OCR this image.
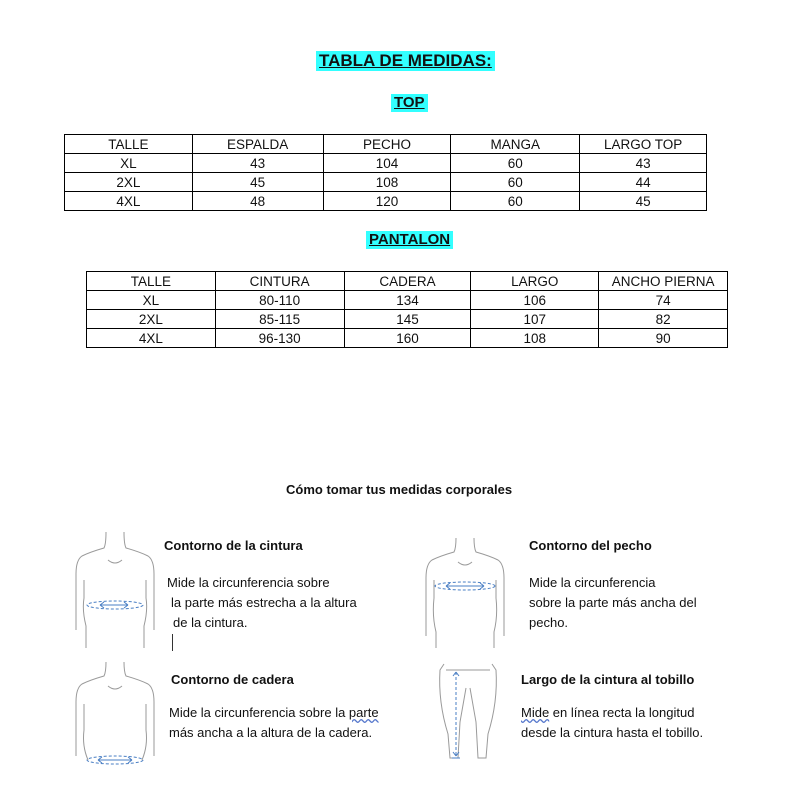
TABLA DE MEDIDAS:
TOP
TALLE	ESPALDA	PECHO	MANGA	LARGO TOP
XL	43	104	60	43
2XL	45	108	60	44
4XL	48	120	60	45
PANTALON
TALLE	CINTURA	CADERA	LARGO	ANCHO PIERNA
XL	80-110	134	106	74
2XL	85-115	145	107	82
4XL	96-130	160	108	90
Cómo tomar tus medidas corporales
Contorno de la cintura
Mide la circunferencia sobre
la parte más estrecha a la altura
de la cintura.
Contorno del pecho
Mide la circunferencia
sobre la parte más ancha del
pecho.
Contorno de cadera
Mide la circunferencia sobre la parte
más ancha a la altura de la cadera.
Largo de la cintura al tobillo
Mide en línea recta la longitud
desde la cintura hasta el tobillo.
